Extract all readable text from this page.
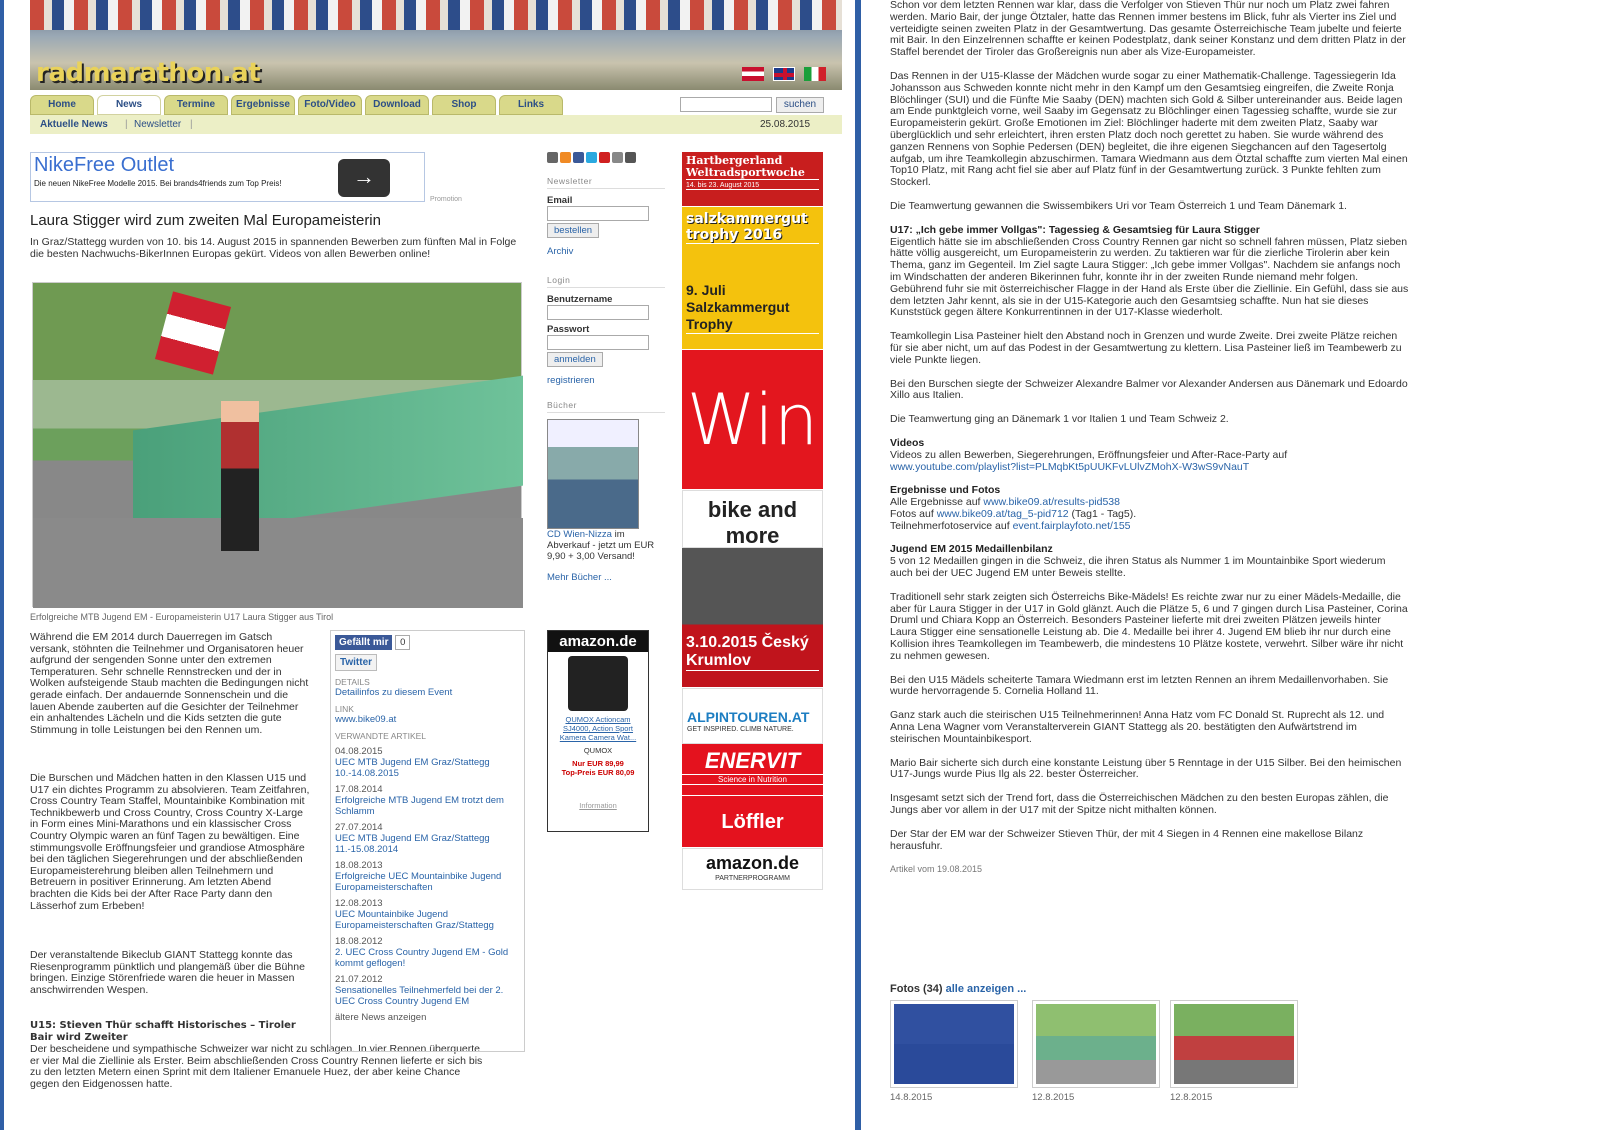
radmarathon.at
Home	News	Termine	Ergebnisse	Foto/Video	Download	Shop	Links	suchen
Aktuelle News | Newsletter |	25.08.2015
NikeFree Outlet
Die neuen NikeFree Modelle 2015. Bei brands4friends zum Top Preis!	→
Promotion
Laura Stigger wird zum zweiten Mal Europameisterin
In Graz/Stattegg wurden von 10. bis 14. August 2015 in spannenden Bewerben zum fünften Mal in Folge die besten Nachwuchs-BikerInnen Europas gekürt. Videos von allen Bewerben online!
Erfolgreiche MTB Jugend EM - Europameisterin U17 Laura Stigger aus Tirol
Während die EM 2014 durch Dauerregen im Gatsch versank, stöhnten die Teilnehmer und Organisatoren heuer aufgrund der sengenden Sonne unter den extremen Temperaturen. Sehr schnelle Rennstrecken und der in Wolken aufsteigende Staub machten die Bedingungen nicht gerade einfach. Der andauernde Sonnenschein und die lauen Abende zauberten auf die Gesichter der Teilnehmer ein anhaltendes Lächeln und die Kids setzten die gute Stimmung in tolle Leistungen bei den Rennen um.
Die Burschen und Mädchen hatten in den Klassen U15 und U17 ein dichtes Programm zu absolvieren. Team Zeitfahren, Cross Country Team Staffel, Mountainbike Kombination mit Technikbewerb und Cross Country, Cross Country X-Large in Form eines Mini-Marathons und ein klassischer Cross Country Olympic waren an fünf Tagen zu bewältigen. Eine stimmungsvolle Eröffnungsfeier und grandiose Atmosphäre bei den täglichen Siegerehrungen und der abschließenden Europameisterehrung bleiben allen Teilnehmern und Betreuern in positiver Erinnerung. Am letzten Abend brachten die Kids bei der After Race Party dann den Lässerhof zum Erbeben!
Der veranstaltende Bikeclub GIANT Stattegg konnte das Riesenprogramm pünktlich und plangemäß über die Bühne bringen. Einzige Störenfriede waren die heuer in Massen anschwirrenden Wespen.
U15: Stieven Thür schafft Historisches – Tiroler Bair wird Zweiter
Der bescheidene und sympathische Schweizer war nicht zu schlagen. In vier Rennen überquerte er vier Mal die Ziellinie als Erster. Beim abschließenden Cross Country Rennen lieferte er sich bis zu den letzten Metern einen Sprint mit dem Italiener Emanuele Huez, der aber keine Chance gegen den Eidgenossen hatte.
Gefällt mir 0
Twitter
DETAILS
Detailinfos zu diesem Event
LINK
www.bike09.at
VERWANDTE ARTIKEL
04.08.2015
UEC MTB Jugend EM Graz/Stattegg 10.-14.08.2015
17.08.2014
Erfolgreiche MTB Jugend EM trotzt dem Schlamm
27.07.2014
UEC MTB Jugend EM Graz/Stattegg 11.-15.08.2014
18.08.2013
Erfolgreiche UEC Mountainbike Jugend Europameisterschaften
12.08.2013
UEC Mountainbike Jugend Europameisterschaften Graz/Stattegg
18.08.2012
2. UEC Cross Country Jugend EM - Gold kommt geflogen!
21.07.2012
Sensationelles Teilnehmerfeld bei der 2. UEC Cross Country Jugend EM
ältere News anzeigen
Newsletter
Email
bestellen
Archiv
Login
Benutzername
Passwort
anmelden
registrieren
Bücher
CD Wien-Nizza im Abverkauf - jetzt um EUR 9,90 + 3,00 Versand!
Mehr Bücher ...
amazon.de
QUMOX Actioncam SJ4000, Action Sport Kamera Camera Wat...
QUMOX
Nur EUR 89,99
Top-Preis EUR 80,09
Information
Hartbergerland Weltradsportwoche
14. bis 23. August 2015
salzkammergut trophy 2016
9. Juli Salzkammergut Trophy
Win
bike and more
3.10.2015 Český Krumlov
ALPINTOUREN.AT
GET INSPIRED. CLIMB NATURE.
ENERVIT
Science in Nutrition
Löffler
amazon.de
PARTNERPROGRAMM

Schon vor dem letzten Rennen war klar, dass die Verfolger von Stieven Thür nur noch um Platz zwei fahren werden. Mario Bair, der junge Ötztaler, hatte das Rennen immer bestens im Blick, fuhr als Vierter ins Ziel und verteidigte seinen zweiten Platz in der Gesamtwertung. Das gesamte Österreichische Team jubelte und feierte mit Bair. In den Einzelrennen schaffte er keinen Podestplatz, dank seiner Konstanz und dem dritten Platz in der Staffel berendet der Tiroler das Großereignis nun aber als Vize-Europameister.

Das Rennen in der U15-Klasse der Mädchen wurde sogar zu einer Mathematik-Challenge. Tagessiegerin Ida Johansson aus Schweden konnte nicht mehr in den Kampf um den Gesamtsieg eingreifen, die Zweite Ronja Blöchlinger (SUI) und die Fünfte Mie Saaby (DEN) machten sich Gold & Silber untereinander aus. Beide lagen am Ende punktgleich vorne, weil Saaby im Gegensatz zu Blöchlinger einen Tagessieg schaffte, wurde sie zur Europameisterin gekürt. Große Emotionen im Ziel: Blöchlinger haderte mit dem zweiten Platz, Saaby war überglücklich und sehr erleichtert, ihren ersten Platz doch noch gerettet zu haben. Sie wurde während des ganzen Rennens von Sophie Pedersen (DEN) begleitet, die ihre eigenen Siegchancen auf den Tagesertolg aufgab, um ihre Teamkollegin abzuschirmen. Tamara Wiedmann aus dem Ötztal schaffte zum vierten Mal einen Top10 Platz, mit Rang acht fiel sie aber auf Platz fünf in der Gesamtwertung zurück. 3 Punkte fehlten zum Stockerl.

Die Teamwertung gewannen die Swissembikers Uri vor Team Österreich 1 und Team Dänemark 1.

U17: „Ich gebe immer Vollgas": Tagessieg & Gesamtsieg für Laura Stigger

Eigentlich hätte sie im abschließenden Cross Country Rennen gar nicht so schnell fahren müssen, Platz sieben hätte völlig ausgereicht, um Europameisterin zu werden. Zu taktieren war für die zierliche Tirolerin aber kein Thema, ganz im Gegenteil. Im Ziel sagte Laura Stigger: „Ich gebe immer Vollgas". Nachdem sie anfangs noch im Windschatten der anderen Bikerinnen fuhr, konnte ihr in der zweiten Runde niemand mehr folgen. Gebührend fuhr sie mit österreichischer Flagge in der Hand als Erste über die Ziellinie. Ein Gefühl, dass sie aus dem letzten Jahr kennt, als sie in der U15-Kategorie auch den Gesamtsieg schaffte. Nun hat sie dieses Kunststück gegen ältere Konkurrentinnen in der U17-Klasse wiederholt.

Teamkollegin Lisa Pasteiner hielt den Abstand noch in Grenzen und wurde Zweite. Drei zweite Plätze reichen für sie aber nicht, um auf das Podest in der Gesamtwertung zu klettern. Lisa Pasteiner ließ im Teambewerb zu viele Punkte liegen.

Bei den Burschen siegte der Schweizer Alexandre Balmer vor Alexander Andersen aus Dänemark und Edoardo Xillo aus Italien.

Die Teamwertung ging an Dänemark 1 vor Italien 1 und Team Schweiz 2.

Videos

Videos zu allen Bewerben, Siegerehrungen, Eröffnungsfeier und After-Race-Party auf
www.youtube.com/playlist?list=PLMqbKt5pUUKFvLUlvZMohX-W3wS9vNauT

Ergebnisse und Fotos

Alle Ergebnisse auf www.bike09.at/results-pid538
Fotos auf www.bike09.at/tag_5-pid712 (Tag1 - Tag5).
Teilnehmerfotoservice auf event.fairplayfoto.net/155

Jugend EM 2015 Medaillenbilanz

5 von 12 Medaillen gingen in die Schweiz, die ihren Status als Nummer 1 im Mountainbike Sport wiederum auch bei der UEC Jugend EM unter Beweis stellte.

Traditionell sehr stark zeigten sich Österreichs Bike-Mädels! Es reichte zwar nur zu einer Mädels-Medaille, die aber für Laura Stigger in der U17 in Gold glänzt. Auch die Plätze 5, 6 und 7 gingen durch Lisa Pasteiner, Corina Druml und Chiara Kopp an Österreich. Besonders Pasteiner lieferte mit drei zweiten Plätzen jeweils hinter Laura Stigger eine sensationelle Leistung ab. Die 4. Medaille bei ihrer 4. Jugend EM blieb ihr nur durch eine Kollision ihres Teamkollegen im Teambewerb, die mindestens 10 Plätze kostete, verwehrt. Silber wäre ihr nicht zu nehmen gewesen.

Bei den U15 Mädels scheiterte Tamara Wiedmann erst im letzten Rennen an ihrem Medaillenvorhaben. Sie wurde hervorragende 5. Cornelia Holland 11.

Ganz stark auch die steirischen U15 Teilnehmerinnen! Anna Hatz vom FC Donald St. Ruprecht als 12. und Anna Lena Wagner vom Veranstalterverein GIANT Stattegg als 20. bestätigten den Aufwärtstrend im steirischen Mountainbikesport.

Mario Bair sicherte sich durch eine konstante Leistung über 5 Renntage in der U15 Silber. Bei den heimischen U17-Jungs wurde Pius Ilg als 22. bester Österreicher.

Insgesamt setzt sich der Trend fort, dass die Österreichischen Mädchen zu den besten Europas zählen, die Jungs aber vor allem in der U17 mit der Spitze nicht mithalten können.

Der Star der EM war der Schweizer Stieven Thür, der mit 4 Siegen in 4 Rennen eine makellose Bilanz herausfuhr.

Artikel vom 19.08.2015
Fotos (34) alle anzeigen ...
14.8.2015	12.8.2015	12.8.2015
